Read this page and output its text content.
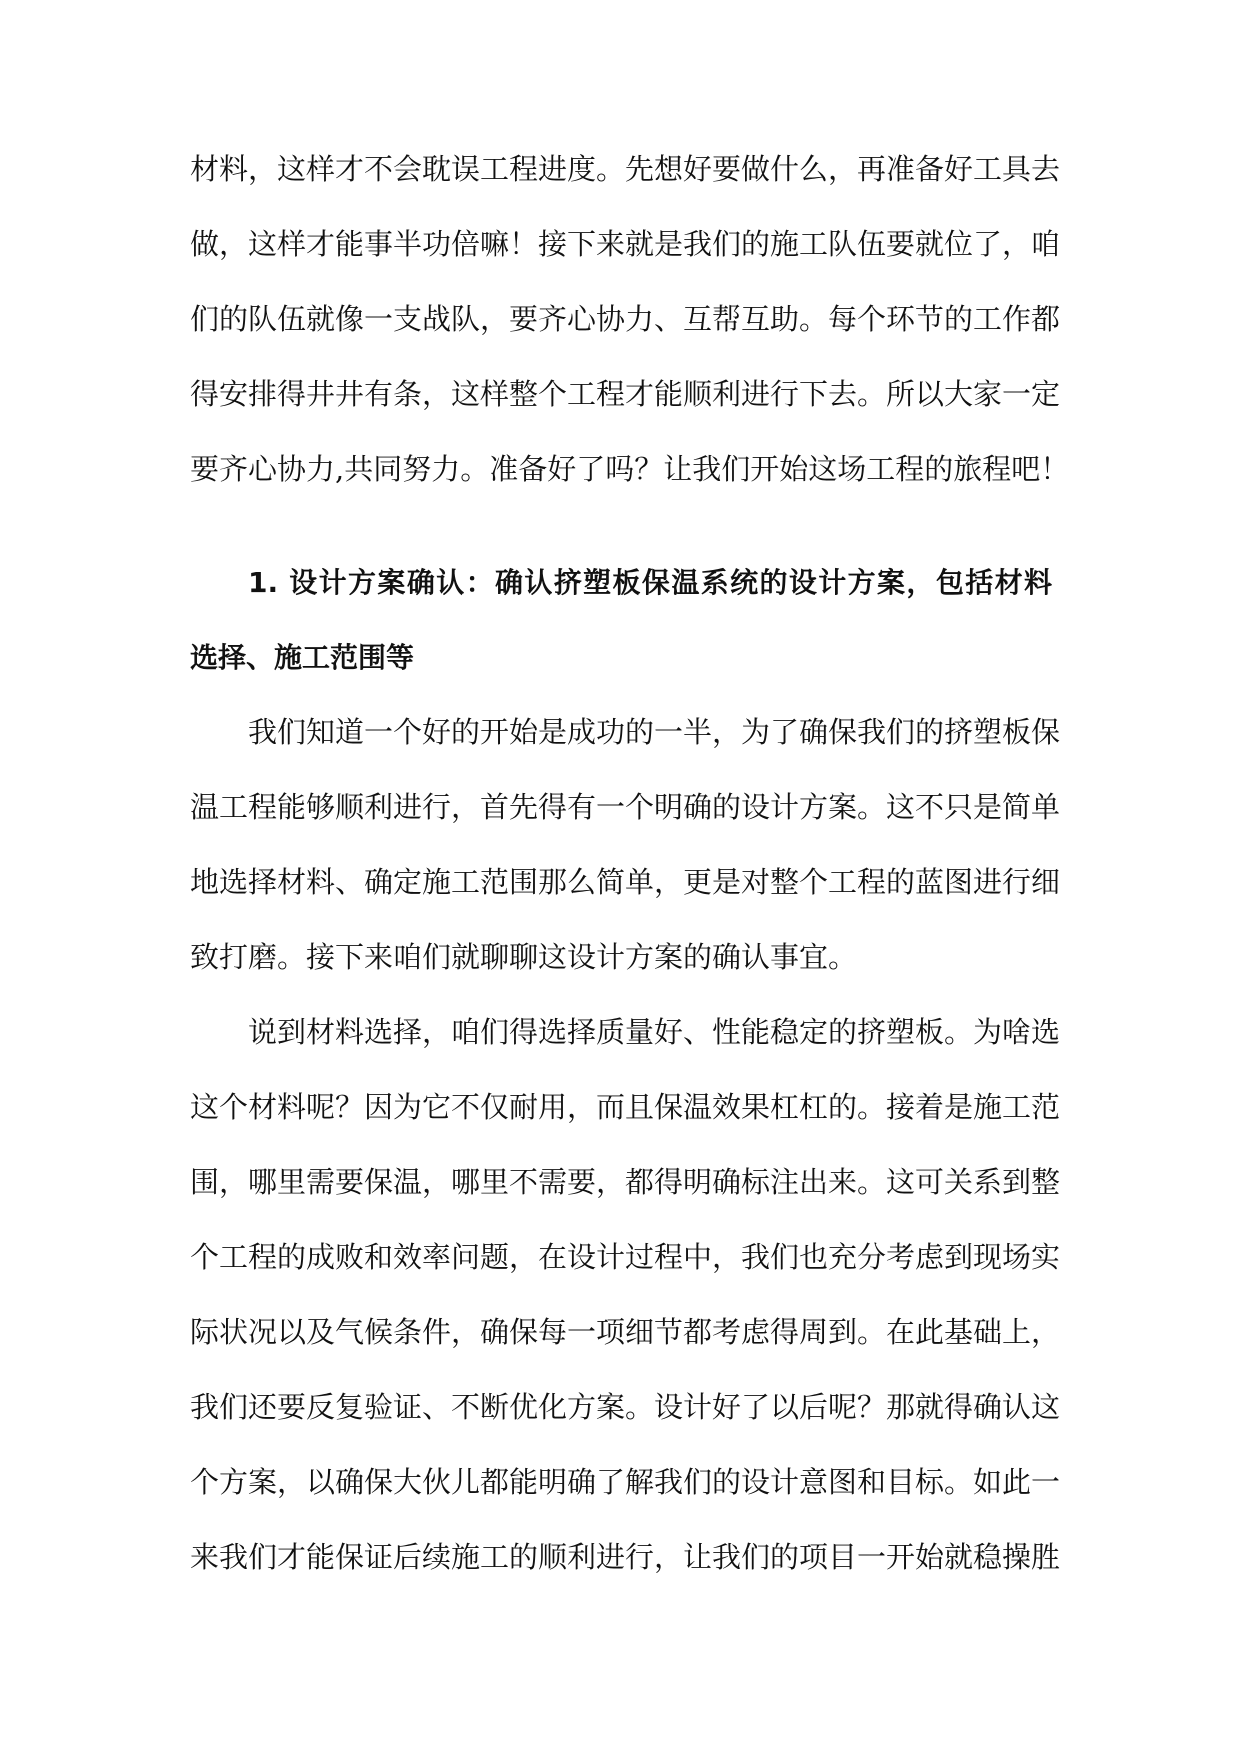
材料，这样才不会耽误工程进度。先想好要做什么，再准备好工具去
做，这样才能事半功倍嘛！接下来就是我们的施工队伍要就位了，咱
们的队伍就像一支战队，要齐心协力、互帮互助。每个环节的工作都
得安排得井井有条，这样整个工程才能顺利进行下去。所以大家一定
要齐心协力,共同努力。准备好了吗？让我们开始这场工程的旅程吧！
1. 设计方案确认：确认挤塑板保温系统的设计方案，包括材料
选择、施工范围等
我们知道一个好的开始是成功的一半，为了确保我们的挤塑板保
温工程能够顺利进行，首先得有一个明确的设计方案。这不只是简单
地选择材料、确定施工范围那么简单，更是对整个工程的蓝图进行细
致打磨。接下来咱们就聊聊这设计方案的确认事宜。
说到材料选择，咱们得选择质量好、性能稳定的挤塑板。为啥选
这个材料呢？因为它不仅耐用，而且保温效果杠杠的。接着是施工范
围，哪里需要保温，哪里不需要，都得明确标注出来。这可关系到整
个工程的成败和效率问题，在设计过程中，我们也充分考虑到现场实
际状况以及气候条件，确保每一项细节都考虑得周到。在此基础上，
我们还要反复验证、不断优化方案。设计好了以后呢？那就得确认这
个方案，以确保大伙儿都能明确了解我们的设计意图和目标。如此一
来我们才能保证后续施工的顺利进行，让我们的项目一开始就稳操胜
